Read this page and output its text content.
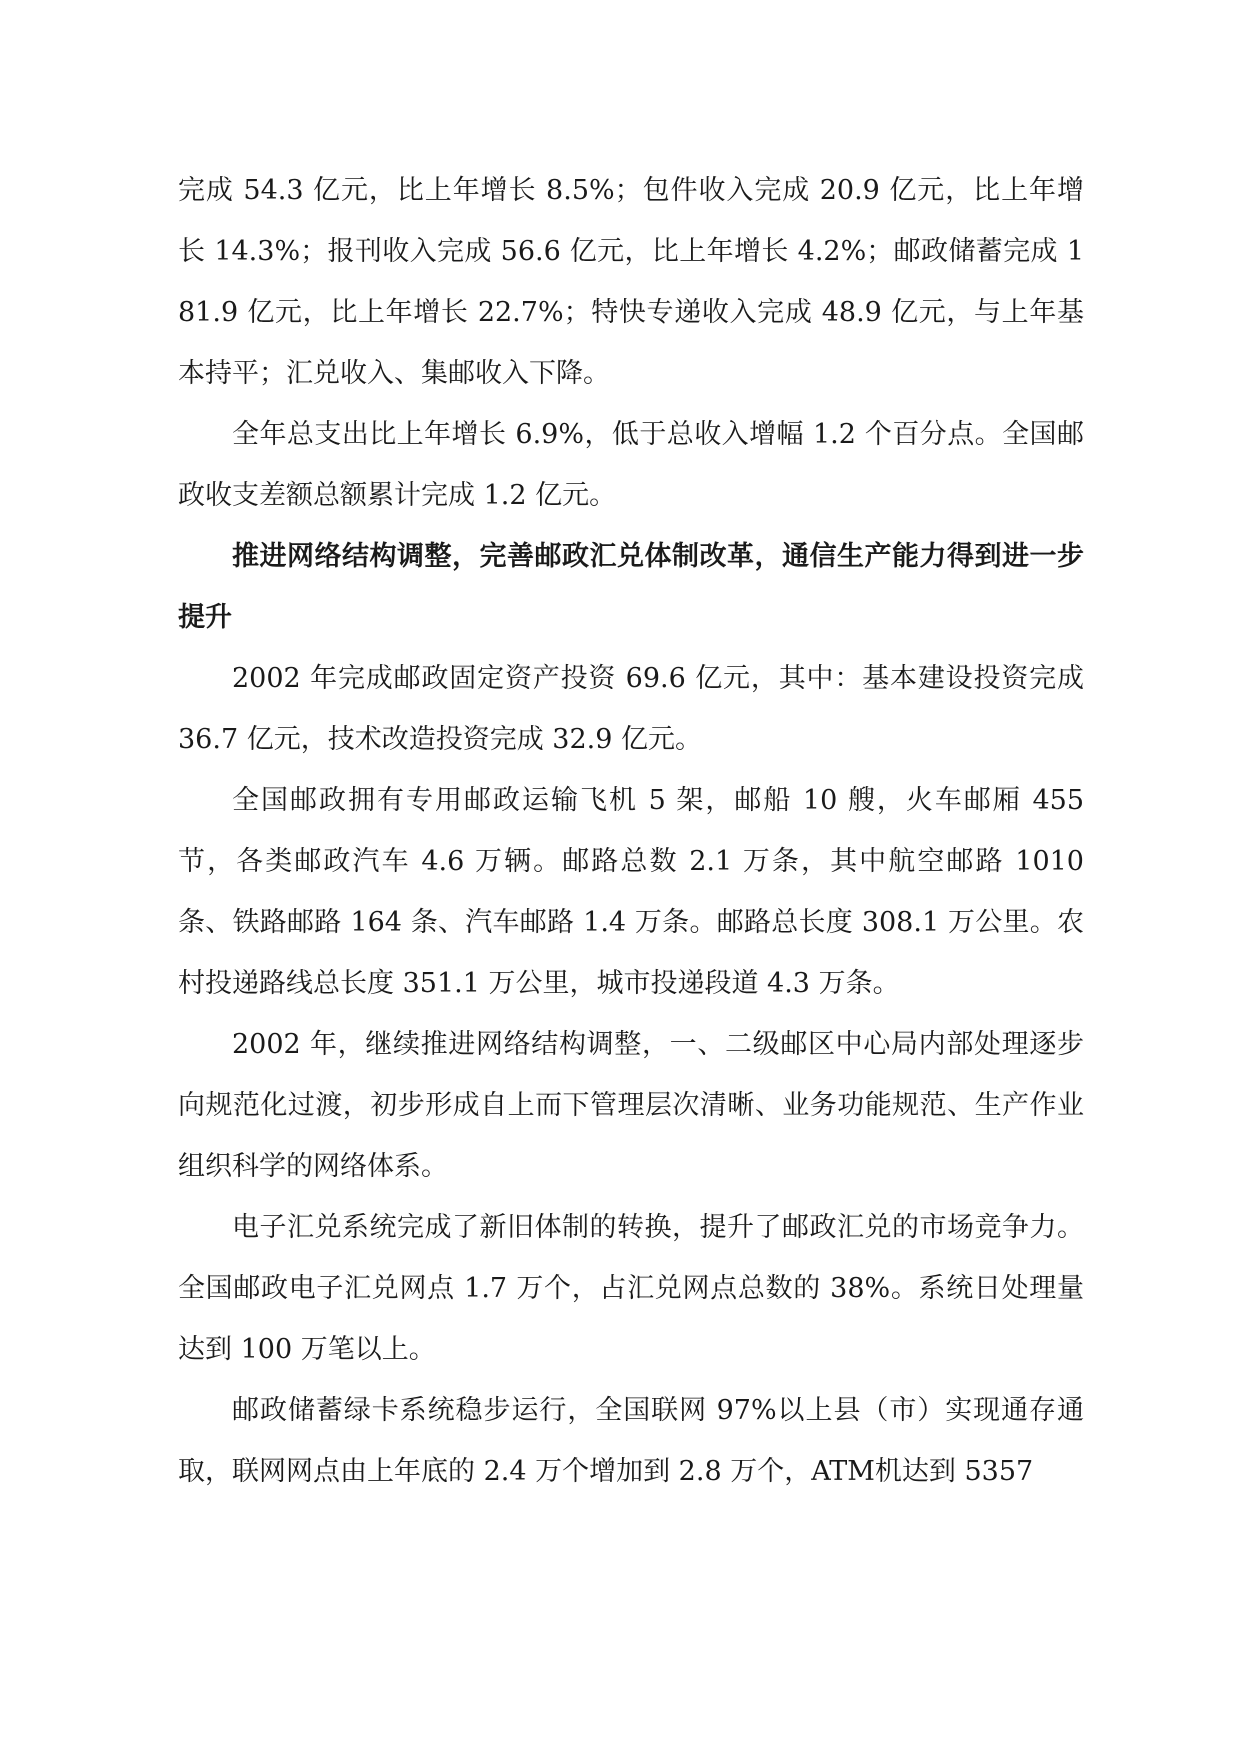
完成 54.3 亿元，比上年增长 8.5%；包件收入完成 20.9 亿元，比上年增长 14.3%；报刊收入完成 56.6 亿元，比上年增长 4.2%；邮政储蓄完成 181.9 亿元，比上年增长 22.7%；特快专递收入完成 48.9 亿元，与上年基本持平；汇兑收入、集邮收入下降。

全年总支出比上年增长 6.9%，低于总收入增幅 1.2 个百分点。全国邮政收支差额总额累计完成 1.2 亿元。

推进网络结构调整，完善邮政汇兑体制改革，通信生产能力得到进一步提升

2002 年完成邮政固定资产投资 69.6 亿元，其中：基本建设投资完成 36.7 亿元，技术改造投资完成 32.9 亿元。

全国邮政拥有专用邮政运输飞机 5 架，邮船 10 艘，火车邮厢 455 节，各类邮政汽车 4.6 万辆。邮路总数 2.1 万条，其中航空邮路 1010 条、铁路邮路 164 条、汽车邮路 1.4 万条。邮路总长度 308.1 万公里。农村投递路线总长度 351.1 万公里，城市投递段道 4.3 万条。

2002 年，继续推进网络结构调整，一、二级邮区中心局内部处理逐步向规范化过渡，初步形成自上而下管理层次清晰、业务功能规范、生产作业组织科学的网络体系。

电子汇兑系统完成了新旧体制的转换，提升了邮政汇兑的市场竞争力。全国邮政电子汇兑网点 1.7 万个，占汇兑网点总数的 38%。系统日处理量达到 100 万笔以上。

邮政储蓄绿卡系统稳步运行，全国联网 97%以上县（市）实现通存通取，联网网点由上年底的 2.4 万个增加到 2.8 万个，ATM机达到 5357
